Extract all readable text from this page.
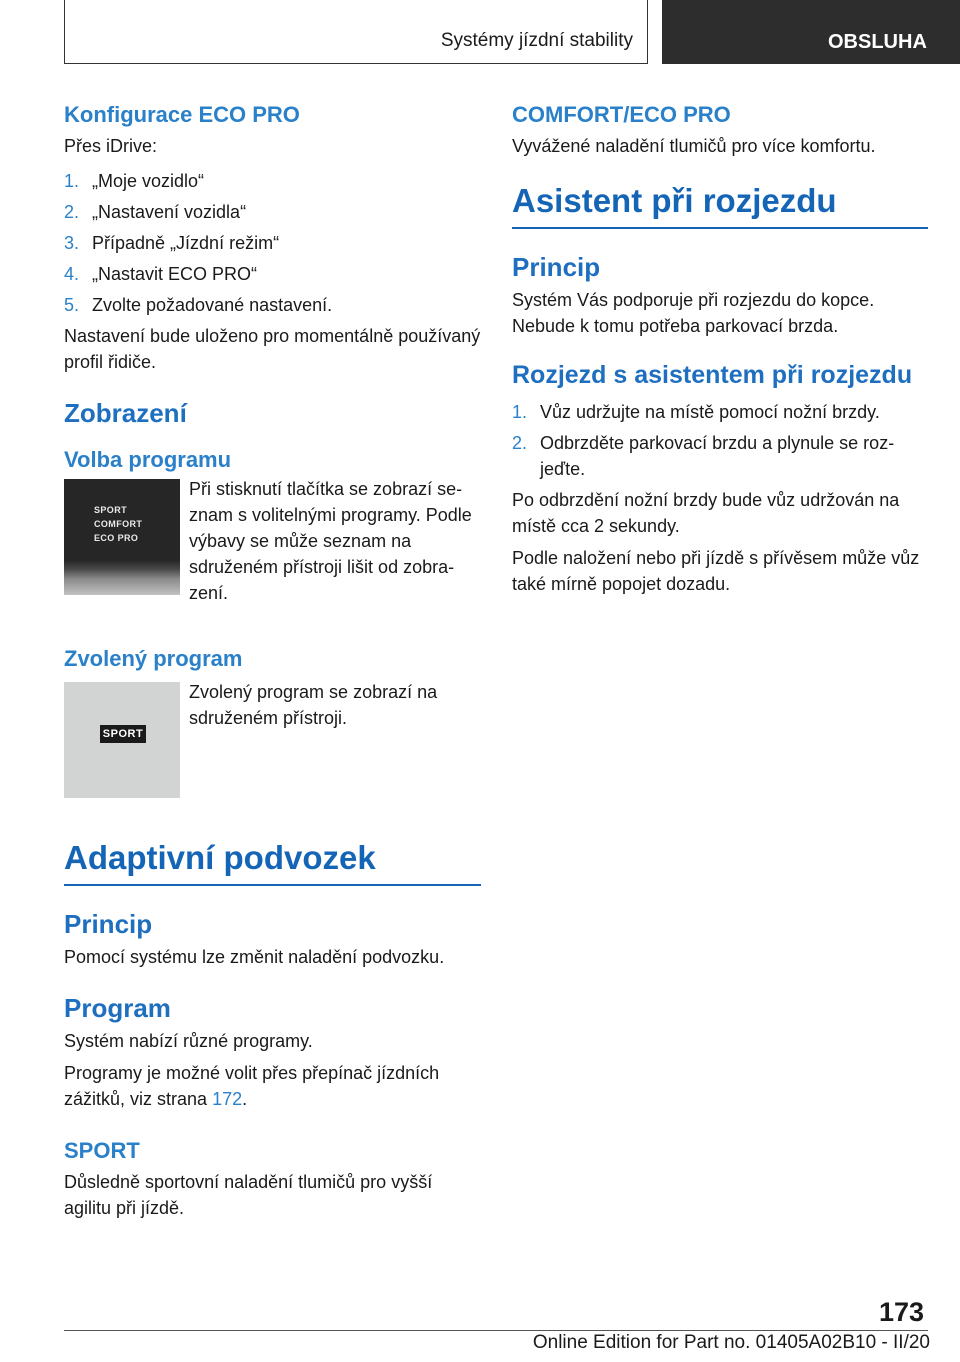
Systémy jízdní stability	OBSLUHA
Konfigurace ECO PRO

Přes iDrive:

1. „Moje vozidlo“
2. „Nastavení vozidla“
3. Případně „Jízdní režim“
4. „Nastavit ECO PRO“
5. Zvolte požadované nastavení.

Nastavení bude uloženo pro momentálně používaný profil řidiče.

Zobrazení
Volba programu
SPORT
COMFORT
ECO PRO

Při stisknutí tlačítka se zobrazí seznam s volitelnými programy. Podle výbavy se může seznam na sdruženém přístroji lišit od zobrazení.

Zvolený program
SPORT

Zvolený program se zobrazí na sdruženém přístroji.

Adaptivní podvozek
Princip

Pomocí systému lze změnit naladění podvozku.

Program

Systém nabízí různé programy.

Programy je možné volit přes přepínač jízdních zážitků, viz strana 172.

SPORT

Důsledně sportovní naladění tlumičů pro vyšší agilitu při jízdě.

COMFORT/ECO PRO

Vyvážené naladění tlumičů pro více komfortu.

Asistent při rozjezdu
Princip

Systém Vás podporuje při rozjezdu do kopce. Nebude k tomu potřeba parkovací brzda.

Rozjezd s asistentem při rozjezdu
1. Vůz udržujte na místě pomocí nožní brzdy.
2. Odbrzděte parkovací brzdu a plynule se rozjeďte.

Po odbrzdění nožní brzdy bude vůz udržován na místě cca 2 sekundy.

Podle naložení nebo při jízdě s přívěsem může vůz také mírně popojet dozadu.

173
Online Edition for Part no. 01405A02B10 - II/20
